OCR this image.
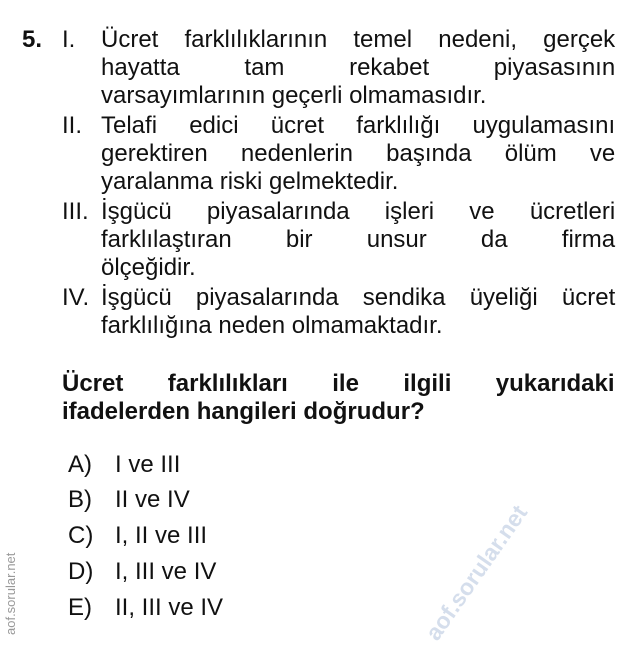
5. I. Ücret farklılıklarının temel nedeni, gerçek
hayatta tam rekabet piyasasının
varsayımlarının geçerli olmamasıdır.
II. Telafi edici ücret farklılığı uygulamasını
gerektiren nedenlerin başında ölüm ve
yaralanma riski gelmektedir.
III. İşgücü piyasalarında işleri ve ücretleri
farklılaştıran bir unsur da firma
ölçeğidir.
IV. İşgücü piyasalarında sendika üyeliği ücret
farklılığına neden olmamaktadır.
Ücret farklılıkları ile ilgili yukarıdaki
ifadelerden hangileri doğrudur?
A) I ve III
B) II ve IV
C) I, II ve III
D) I, III ve IV
E) II, III ve IV	aof.sorular.net
aof.sorular.net
